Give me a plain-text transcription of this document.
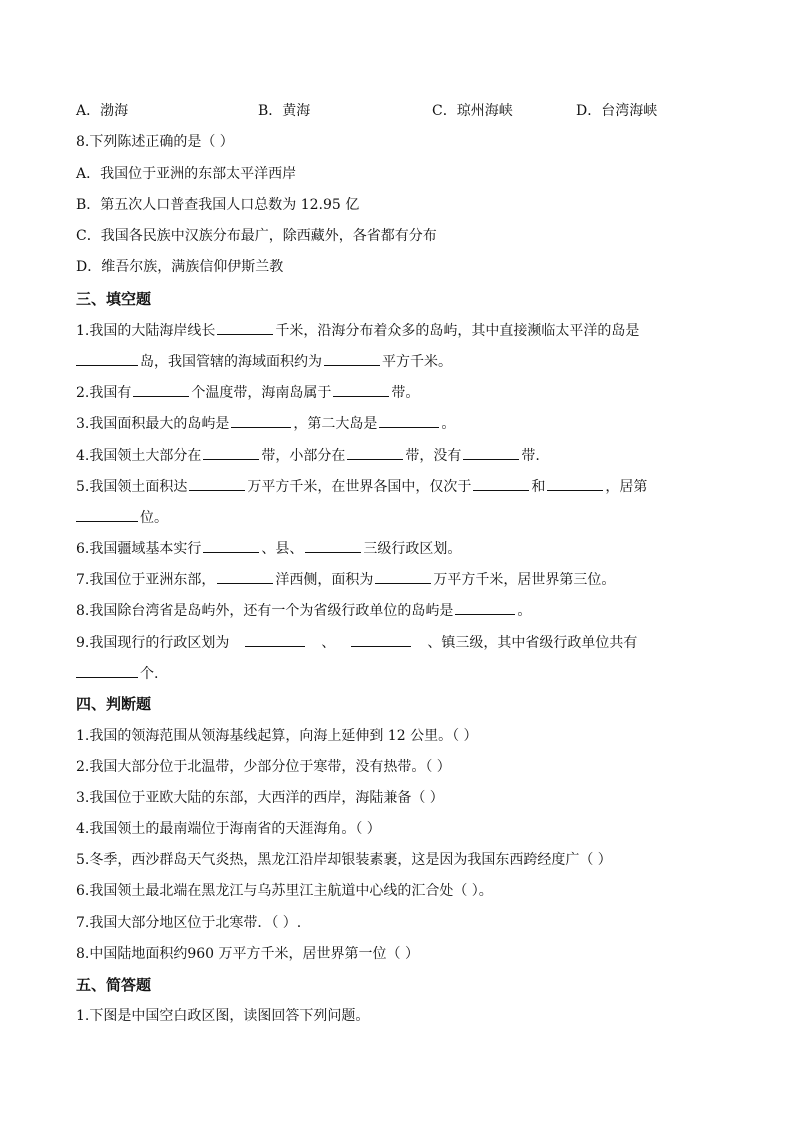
A．渤海	B．黄海	C．琼州海峡	D．台湾海峡
8.下列陈述正确的是（ ）
A．我国位于亚洲的东部太平洋西岸
B．第五次人口普查我国人口总数为 12.95 亿
C．我国各民族中汉族分布最广，除西藏外，各省都有分布
D．维吾尔族，满族信仰伊斯兰教
三、填空题
1.我国的大陆海岸线长	千米，沿海分布着众多的岛屿，其中直接濒临太平洋的岛是
岛，我国管辖的海域面积约为	平方千米。
2.我国有	个温度带，海南岛属于	带。
3.我国面积最大的岛屿是	，第二大岛是	。
4.我国领土大部分在	带，小部分在	带，没有	带.
5.我国领土面积达	万平方千米，在世界各国中，仅次于	和	，居第
位。
6.我国疆域基本实行	、县、	三级行政区划。
7.我国位于亚洲东部，	洋西侧，面积为	万平方千米，居世界第三位。
8.我国除台湾省是岛屿外，还有一个为省级行政单位的岛屿是	。
9.我国现行的行政区划为	、	、镇三级，其中省级行政单位共有
个.
四、判断题
1.我国的领海范围从领海基线起算，向海上延伸到 12 公里。（ ）
2.我国大部分位于北温带，少部分位于寒带，没有热带。（ ）
3.我国位于亚欧大陆的东部，大西洋的西岸，海陆兼备（ ）
4.我国领土的最南端位于海南省的天涯海角。（ ）
5.冬季，西沙群岛天气炎热，黑龙江沿岸却银装素裹，这是因为我国东西跨经度广（ ）
6.我国领土最北端在黑龙江与乌苏里江主航道中心线的汇合处（ ）。
7.我国大部分地区位于北寒带．（ ）.
8.中国陆地面积约960 万平方千米，居世界第一位（ ）
五、简答题
1.下图是中国空白政区图，读图回答下列问题。
